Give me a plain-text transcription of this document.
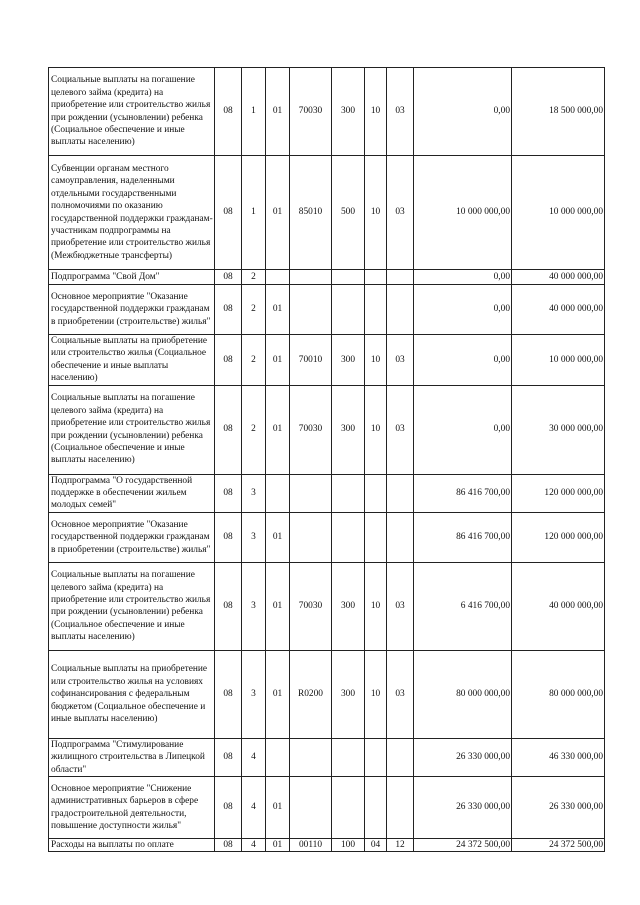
Социальные выплаты на погашение целевого займа (кредита) на приобретение или строительство жилья при рождении (усыновлении) ребенка (Социальное обеспечение и иные выплаты населению)	08	1	01	70030	300	10	03	0,00	18 500 000,00
Субвенции органам местного самоуправления, наделенными отдельными государственными полномочиями по оказанию государственной поддержки гражданам-участникам подпрограммы на приобретение или строительство жилья (Межбюджетные трансферты)	08	1	01	85010	500	10	03	10 000 000,00	10 000 000,00
Подпрограмма "Свой Дом"	08	2						0,00	40 000 000,00
Основное мероприятие "Оказание государственной поддержки гражданам в приобретении (строительстве) жилья"	08	2	01					0,00	40 000 000,00
Социальные выплаты на приобретение или строительство жилья (Социальное обеспечение и иные выплаты населению)	08	2	01	70010	300	10	03	0,00	10 000 000,00
Социальные выплаты на погашение целевого займа (кредита) на приобретение или строительство жилья при рождении (усыновлении) ребенка (Социальное обеспечение и иные выплаты населению)	08	2	01	70030	300	10	03	0,00	30 000 000,00
Подпрограмма "О государственной поддержке в обеспечении жильем молодых семей"	08	3						86 416 700,00	120 000 000,00
Основное мероприятие "Оказание государственной поддержки гражданам в приобретении (строительстве) жилья"	08	3	01					86 416 700,00	120 000 000,00
Социальные выплаты на погашение целевого займа (кредита) на приобретение или строительство жилья при рождении (усыновлении) ребенка (Социальное обеспечение и иные выплаты населению)	08	3	01	70030	300	10	03	6 416 700,00	40 000 000,00
Социальные выплаты на приобретение или строительство жилья на условиях софинансирования с федеральным бюджетом (Социальное обеспечение и иные выплаты населению)	08	3	01	R0200	300	10	03	80 000 000,00	80 000 000,00
Подпрограмма "Стимулирование жилищного строительства в Липецкой области"	08	4						26 330 000,00	46 330 000,00
Основное мероприятие "Снижение административных барьеров в сфере градостроительной деятельности, повышение доступности жилья"	08	4	01					26 330 000,00	26 330 000,00
Расходы на выплаты по оплате	08	4	01	00110	100	04	12	24 372 500,00	24 372 500,00
